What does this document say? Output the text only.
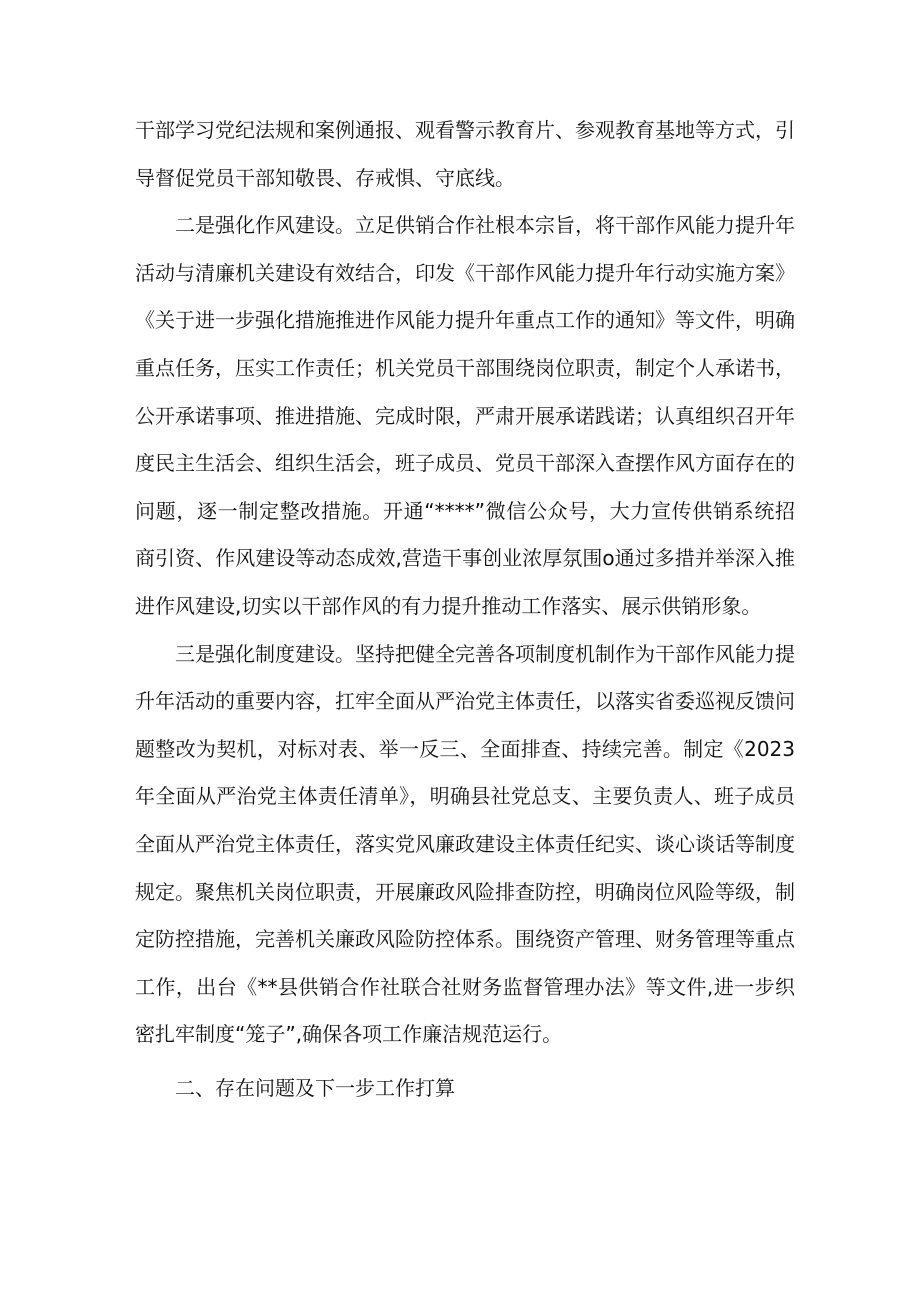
干部学习党纪法规和案例通报、观看警示教育片、参观教育基地等方式，引导督促党员干部知敬畏、存戒惧、守底线。

二是强化作风建设。立足供销合作社根本宗旨，将干部作风能力提升年活动与清廉机关建设有效结合，印发《干部作风能力提升年行动实施方案》《关于进一步强化措施推进作风能力提升年重点工作的通知》等文件，明确重点任务，压实工作责任；机关党员干部围绕岗位职责，制定个人承诺书，公开承诺事项、推进措施、完成时限，严肃开展承诺践诺；认真组织召开年度民主生活会、组织生活会，班子成员、党员干部深入查摆作风方面存在的问题，逐一制定整改措施。开通“****”微信公众号，大力宣传供销系统招商引资、作风建设等动态成效,营造干事创业浓厚氛围o通过多措并举深入推进作风建设,切实以干部作风的有力提升推动工作落实、展示供销形象。

三是强化制度建设。坚持把健全完善各项制度机制作为干部作风能力提升年活动的重要内容，扛牢全面从严治党主体责任，以落实省委巡视反馈问题整改为契机，对标对表、举一反三、全面排查、持续完善。制定《2023年全面从严治党主体责任清单》，明确县社党总支、主要负责人、班子成员全面从严治党主体责任，落实党风廉政建设主体责任纪实、谈心谈话等制度规定。聚焦机关岗位职责，开展廉政风险排查防控，明确岗位风险等级，制定防控措施，完善机关廉政风险防控体系。围绕资产管理、财务管理等重点工作，出台《**县供销合作社联合社财务监督管理办法》等文件,进一步织密扎牢制度“笼子”,确保各项工作廉洁规范运行。

二、存在问题及下一步工作打算
